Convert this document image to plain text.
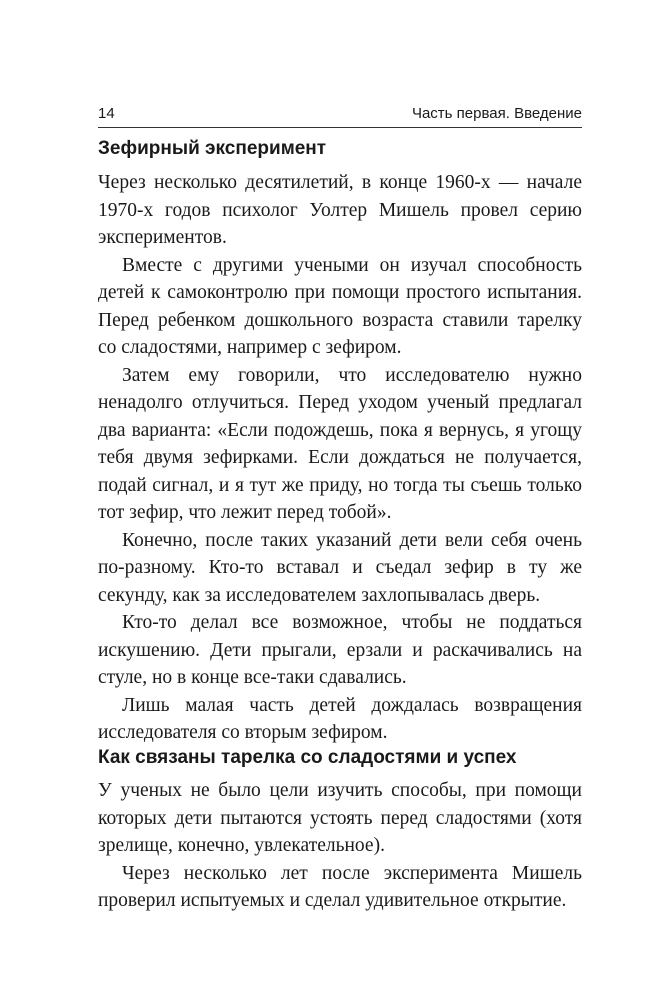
14	Часть первая. Введение
Зефирный эксперимент

Через несколько десятилетий, в конце 1960-х — начале 1970-х годов психолог Уолтер Мишель провел серию экспериментов.

Вместе с другими учеными он изучал способность детей к самоконтролю при помощи простого испытания. Перед ребенком дошкольного возраста ставили тарелку со сладостями, например с зефиром.

Затем ему говорили, что исследователю нужно ненадолго отлучиться. Перед уходом ученый предлагал два варианта: «Если подождешь, пока я вернусь, я угощу тебя двумя зефирками. Если дождаться не получается, подай сигнал, и я тут же приду, но тогда ты съешь только тот зефир, что лежит перед тобой».

Конечно, после таких указаний дети вели себя очень по-разному. Кто-то вставал и съедал зефир в ту же секунду, как за исследователем захлопывалась дверь.

Кто-то делал все возможное, чтобы не поддаться искушению. Дети прыгали, ерзали и раскачивались на стуле, но в конце все-таки сдавались.

Лишь малая часть детей дождалась возвращения исследователя со вторым зефиром.

Как связаны тарелка со сладостями и успех

У ученых не было цели изучить способы, при помощи которых дети пытаются устоять перед сладостями (хотя зрелище, конечно, увлекательное).

Через несколько лет после эксперимента Мишель проверил испытуемых и сделал удивительное открытие.
